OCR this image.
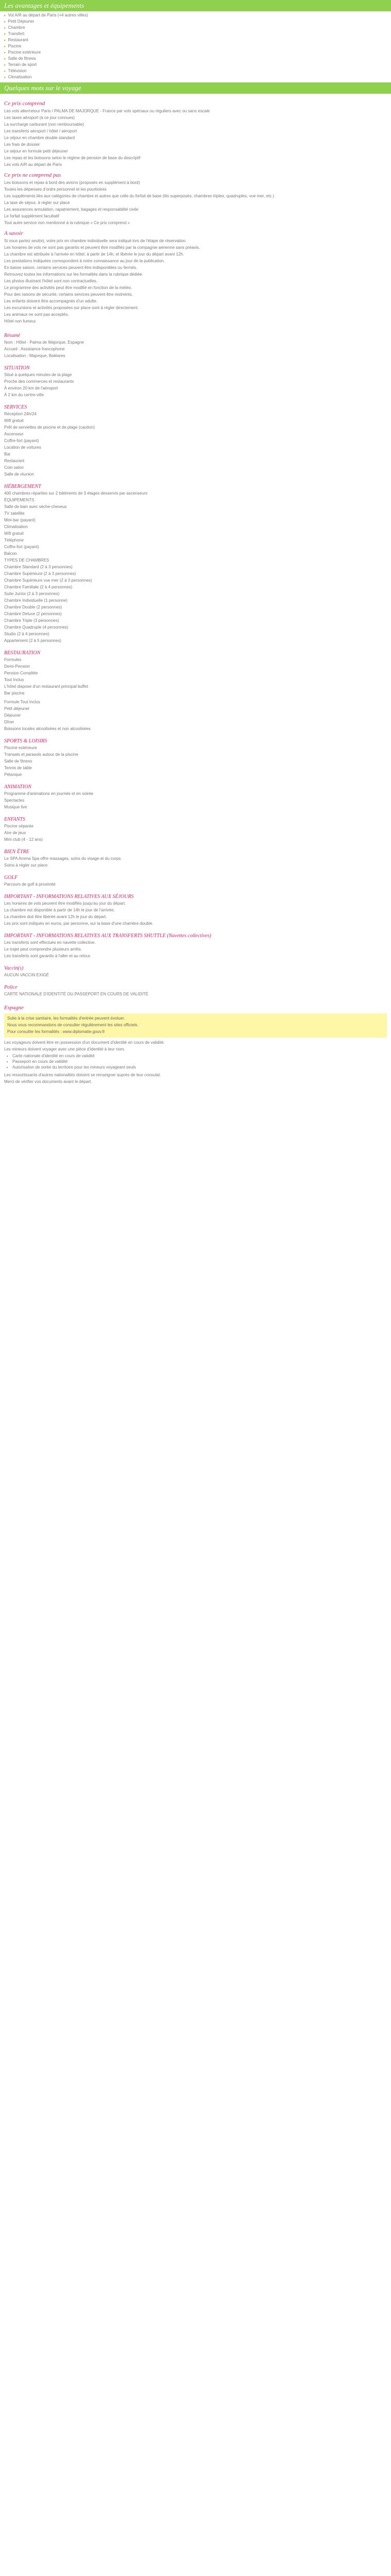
Les avantages et équipements
▸ Vol A/R au départ de Paris (+4 autres villes)
▸ Petit Déjeuner
▸ Chambre
▸ Transfert
▸ Restaurant
▸ Piscine
▸ Piscine extérieure
▸ Salle de fitness
▸ Terrain de sport
▸ Télévision
▸ Climatisation
Quelques mots sur le voyage
Ce prix comprend

Les vols aller/retour Paris / PALMA DE MAJORQUE - France par vols spéciaux ou réguliers avec ou sans escale

Les taxes aéroport (à ce jour connues)

La surcharge carburant (non remboursable)

Les transferts aéroport / hôtel / aéroport

Le séjour en chambre double standard

Les frais de dossier

Le séjour en formule petit déjeuner

Les repas et les boissons selon le régime de pension de base du descriptif

Les vols A/R au départ de Paris

Ce prix ne comprend pas

Les boissons et repas à bord des avions (proposés en supplément à bord)

Toutes les dépenses d'ordre personnel et les pourboires

Les suppléments liés aux catégories de chambre et autres que celle du forfait de base (lits superposés, chambres triples, quadruples, vue mer, etc.)

La taxe de séjour, à régler sur place

Les assurances annulation, rapatriement, bagages et responsabilité civile

Le forfait supplément facultatif

Tout autre service non mentionné à la rubrique « Ce prix comprend »

A savoir

Si vous partez seul(e), votre prix en chambre individuelle sera indiqué lors de l'étape de réservation.

Les horaires de vols ne sont pas garantis et peuvent être modifiés par la compagnie aérienne sans préavis.

La chambre est attribuée à l'arrivée en hôtel, à partir de 14h, et libérée le jour du départ avant 12h.

Les prestations indiquées correspondent à notre connaissance au jour de la publication.

En basse saison, certains services peuvent être indisponibles ou fermés.

Retrouvez toutes les informations sur les formalités dans la rubrique dédiée.

Les photos illustrant l'hôtel sont non contractuelles.

Le programme des activités peut être modifié en fonction de la météo.

Pour des raisons de sécurité, certains services peuvent être restreints.

Les enfants doivent être accompagnés d'un adulte.

Les excursions et activités proposées sur place sont à régler directement.

Les animaux ne sont pas acceptés.

Hôtel non fumeur.

Résumé

Nom : Hôtel - Palma de Majorque, Espagne

Accueil : Assistance francophone

Localisation : Majorque, Baléares

SITUATION

Situé à quelques minutes de la plage

Proche des commerces et restaurants

À environ 20 km de l'aéroport

À 2 km du centre-ville

SERVICES

Réception 24h/24

Wifi gratuit

Prêt de serviettes de piscine et de plage (caution)

Ascenseur

Coffre-fort (payant)

Location de voitures

Bar

Restaurant

Coin salon

Salle de réunion

HÉBERGEMENT

400 chambres réparties sur 2 bâtiments de 3 étages desservis par ascenseurs

ÉQUIPEMENTS

Salle de bain avec sèche-cheveux

TV satellite

Mini-bar (payant)

Climatisation

Wifi gratuit

Téléphone

Coffre-fort (payant)

Balcon

TYPES DE CHAMBRES

Chambre Standard (2 à 3 personnes)

Chambre Supérieure (2 à 3 personnes)

Chambre Supérieure vue mer (2 à 3 personnes)

Chambre Familiale (2 à 4 personnes)

Suite Junior (2 à 3 personnes)

Chambre Individuelle (1 personne)

Chambre Double (2 personnes)

Chambre Deluxe (2 personnes)

Chambre Triple (3 personnes)

Chambre Quadruple (4 personnes)

Studio (2 à 4 personnes)

Appartement (2 à 5 personnes)

RESTAURATION

Formules

Demi-Pension

Pension Complète

Tout Inclus

L'hôtel dispose d'un restaurant principal buffet

Bar piscine

Formule Tout Inclus

Petit déjeuner

Déjeuner

Dîner

Boissons locales alcoolisées et non alcoolisées

SPORTS & LOISIRS

Piscine extérieure

Transats et parasols autour de la piscine

Salle de fitness

Tennis de table

Pétanque

ANIMATION

Programme d'animations en journée et en soirée

Spectacles

Musique live

ENFANTS

Piscine séparée

Aire de jeux

Mini club (4 - 12 ans)

BIEN ÊTRE

Le SPA Aroma Spa offre massages, soins du visage et du corps

Soins à régler sur place

GOLF

Parcours de golf à proximité

IMPORTANT - INFORMATIONS RELATIVES AUX SÉJOURS

Les horaires de vols peuvent être modifiés jusqu'au jour du départ.

La chambre est disponible à partir de 14h le jour de l'arrivée.

La chambre doit être libérée avant 12h le jour du départ.

Les prix sont indiqués en euros, par personne, sur la base d'une chambre double.

IMPORTANT - INFORMATIONS RELATIVES AUX TRANSFERTS SHUTTLE (Navettes collectives)

Les transferts sont effectués en navette collective.

Le trajet peut comprendre plusieurs arrêts.

Les transferts sont garantis à l'aller et au retour.

Vaccin(s)

AUCUN VACCIN EXIGÉ

Police

CARTE NATIONALE D'IDENTITÉ OU PASSEPORT EN COURS DE VALIDITÉ

Espagne

Suite à la crise sanitaire, les formalités d'entrée peuvent évoluer.

Nous vous recommandons de consulter régulièrement les sites officiels.

Pour consulter les formalités : www.diplomatie.gouv.fr

Les voyageurs doivent être en possession d'un document d'identité en cours de validité.

Les mineurs doivent voyager avec une pièce d'identité à leur nom.

• Carte nationale d'identité en cours de validité
• Passeport en cours de validité
• Autorisation de sortie du territoire pour les mineurs voyageant seuls

Les ressortissants d'autres nationalités doivent se renseigner auprès de leur consulat.

Merci de vérifier vos documents avant le départ.
